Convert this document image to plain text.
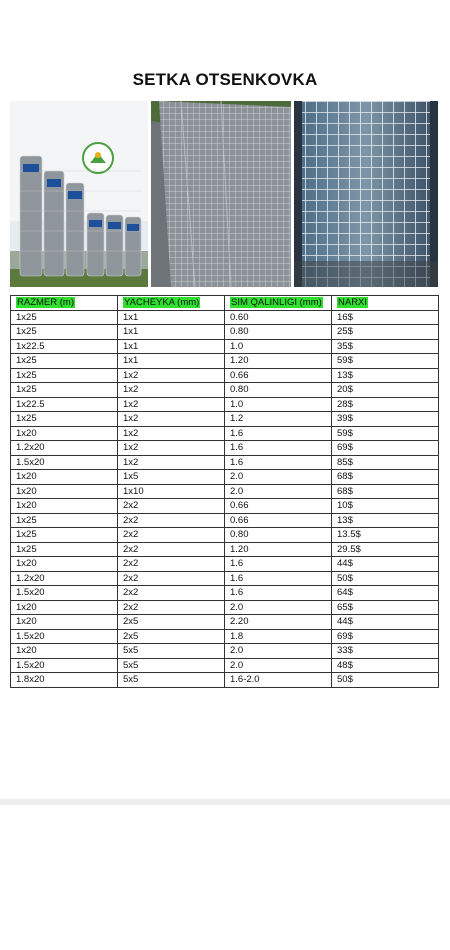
SETKA OTSENKOVKA
RAZMER (m)	YACHEYKA (mm)	SIM QALINLIGI (mm)	NARXI
1x25	1x1	0.60	16$
1x25	1x1	0.80	25$
1x22.5	1x1	1.0	35$
1x25	1x1	1.20	59$
1x25	1x2	0.66	13$
1x25	1x2	0.80	20$
1x22.5	1x2	1.0	28$
1x25	1x2	1.2	39$
1x20	1x2	1.6	59$
1.2x20	1x2	1.6	69$
1.5x20	1x2	1.6	85$
1x20	1x5	2.0	68$
1x20	1x10	2.0	68$
1x20	2x2	0.66	10$
1x25	2x2	0.66	13$
1x25	2x2	0.80	13.5$
1x25	2x2	1.20	29.5$
1x20	2x2	1.6	44$
1.2x20	2x2	1.6	50$
1.5x20	2x2	1.6	64$
1x20	2x2	2.0	65$
1x20	2x5	2.20	44$
1.5x20	2x5	1.8	69$
1x20	5x5	2.0	33$
1.5x20	5x5	2.0	48$
1.8x20	5x5	1.6-2.0	50$
